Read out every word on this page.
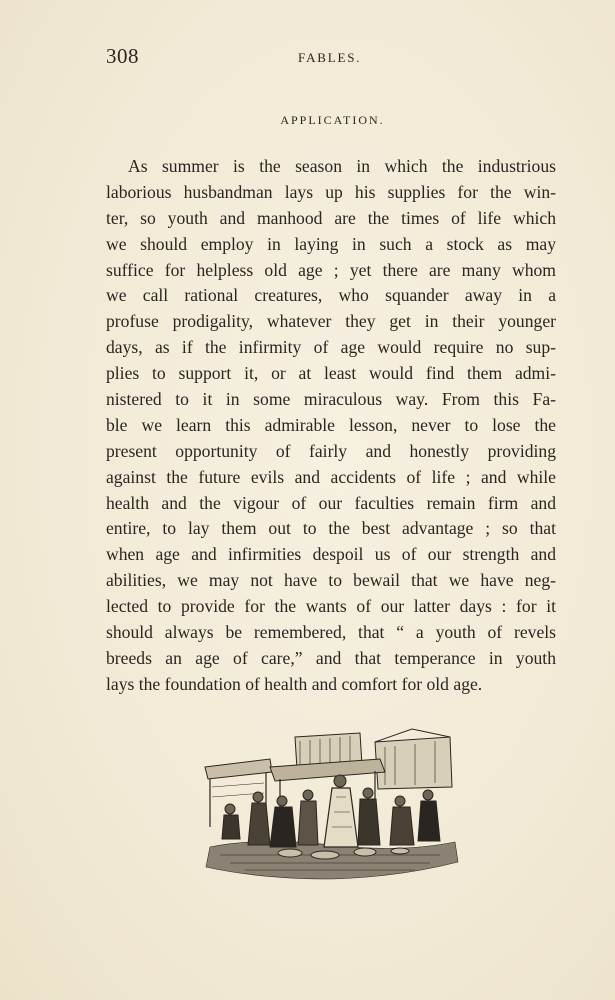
308	FABLES.
APPLICATION.
As summer is the season in which the industrious
laborious husbandman lays up his supplies for the win-
ter, so youth and manhood are the times of life which
we should employ in laying in such a stock as may
suffice for helpless old age ; yet there are many whom
we call rational creatures, who squander away in a
profuse prodigality, whatever they get in their younger
days, as if the infirmity of age would require no sup-
plies to support it, or at least would find them admi-
nistered to it in some miraculous way. From this Fa-
ble we learn this admirable lesson, never to lose the
present opportunity of fairly and honestly providing
against the future evils and accidents of life ; and while
health and the vigour of our faculties remain firm and
entire, to lay them out to the best advantage ; so that
when age and infirmities despoil us of our strength and
abilities, we may not have to bewail that we have neg-
lected to provide for the wants of our latter days : for it
should always be remembered, that “ a youth of revels
breeds an age of care,” and that temperance in youth
lays the foundation of health and comfort for old age.
